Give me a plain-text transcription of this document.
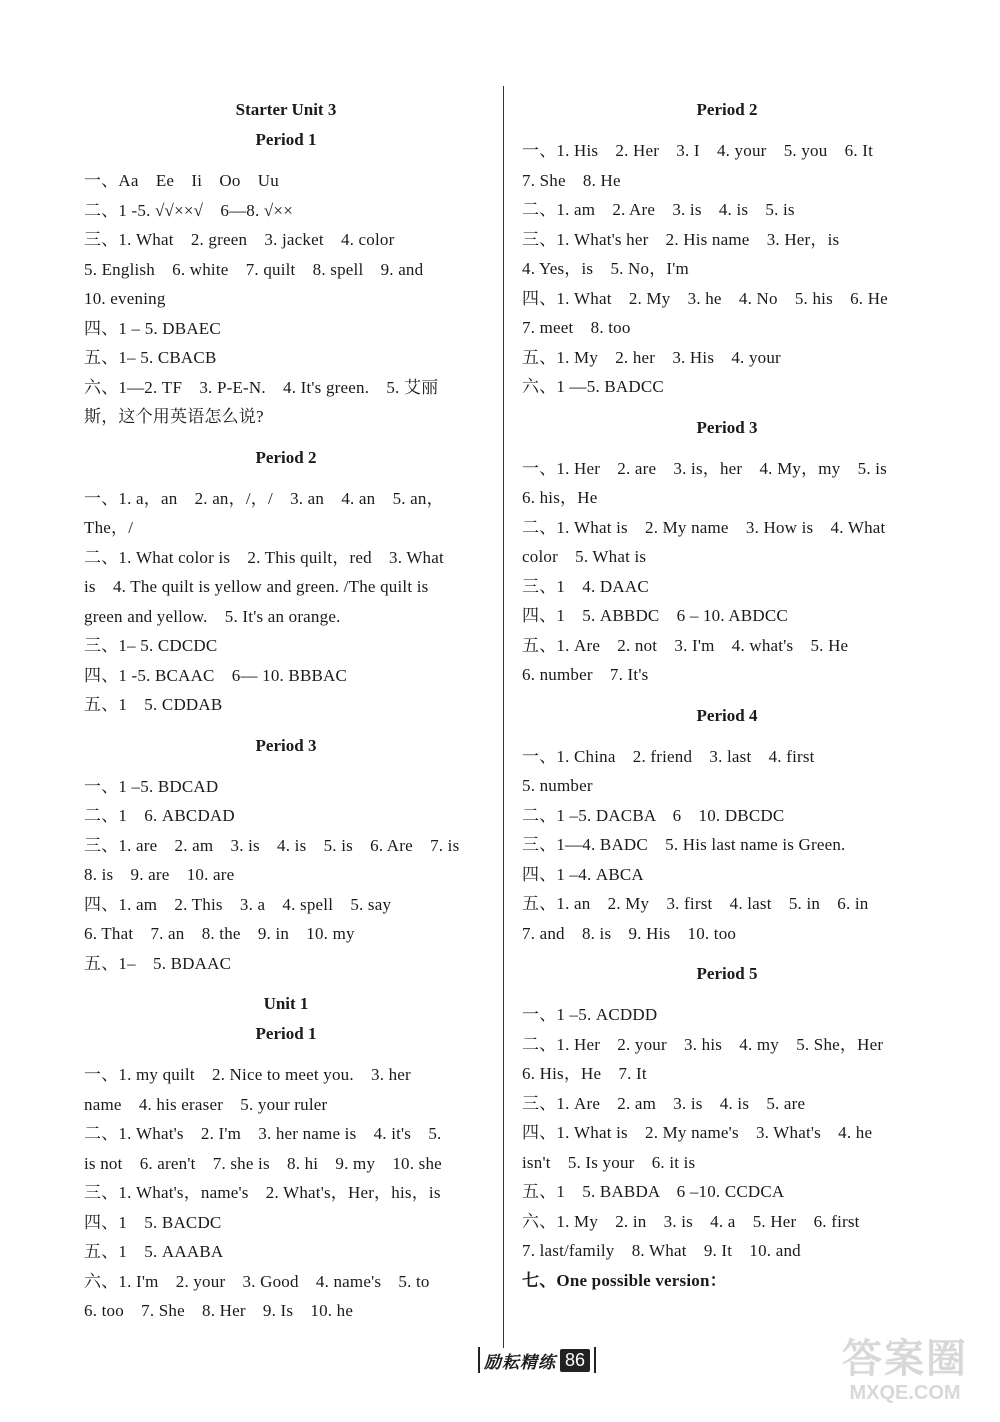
Starter Unit 3
Period 1
一、Aa　Ee　Ii　Oo　Uu
二、1 -5. √√××√　6—8. √××
三、1. What　2. green　3. jacket　4. color
5. English　6. white　7. quilt　8. spell　9. and
10. evening
四、1 – 5. DBAEC
五、1– 5. CBACB
六、1—2. TF　3. P-E-N.　4. It's green.　5. 艾丽
斯，这个用英语怎么说?
Period 2
一、1. a，an　2. an，/，/　3. an　4. an　5. an，
The，/
二、1. What color is　2. This quilt，red　3. What
is　4. The quilt is yellow and green. /The quilt is
green and yellow.　5. It's an orange.
三、1– 5. CDCDC
四、1 -5. BCAAC　6— 10. BBBAC
五、1　5. CDDAB
Period 3
一、1 –5. BDCAD
二、1　6. ABCDAD
三、1. are　2. am　3. is　4. is　5. is　6. Are　7. is
8. is　9. are　10. are
四、1. am　2. This　3. a　4. spell　5. say
6. That　7. an　8. the　9. in　10. my
五、1–　5. BDAAC
Unit 1
Period 1
一、1. my quilt　2. Nice to meet you.　3. her
name　4. his eraser　5. your ruler
二、1. What's　2. I'm　3. her name is　4. it's　5.
is not　6. aren't　7. she is　8. hi　9. my　10. she
三、1. What's，name's　2. What's，Her，his，is
四、1　5. BACDC
五、1　5. AAABA
六、1. I'm　2. your　3. Good　4. name's　5. to
6. too　7. She　8. Her　9. Is　10. he
Period 2
一、1. His　2. Her　3. I　4. your　5. you　6. It
7. She　8. He
二、1. am　2. Are　3. is　4. is　5. is
三、1. What's her　2. His name　3. Her，is
4. Yes，is　5. No，I'm
四、1. What　2. My　3. he　4. No　5. his　6. He
7. meet　8. too
五、1. My　2. her　3. His　4. your
六、1 —5. BADCC
Period 3
一、1. Her　2. are　3. is，her　4. My，my　5. is
6. his，He
二、1. What is　2. My name　3. How is　4. What
color　5. What is
三、1　4. DAAC
四、1　5. ABBDC　6 – 10. ABDCC
五、1. Are　2. not　3. I'm　4. what's　5. He
6. number　7. It's
Period 4
一、1. China　2. friend　3. last　4. first
5. number
二、1 –5. DACBA　6　10. DBCDC
三、1—4. BADC　5. His last name is Green.
四、1 –4. ABCA
五、1. an　2. My　3. first　4. last　5. in　6. in
7. and　8. is　9. His　10. too
Period 5
一、1 –5. ACDDD
二、1. Her　2. your　3. his　4. my　5. She，Her
6. His，He　7. It
三、1. Are　2. am　3. is　4. is　5. are
四、1. What is　2. My name's　3. What's　4. he
isn't　5. Is your　6. it is
五、1　5. BABDA　6 –10. CCDCA
六、1. My　2. in　3. is　4. a　5. Her　6. first
7. last/family　8. What　9. It　10. and
七、One possible version：
励耘精练 86	答案圈
MXQE.COM
